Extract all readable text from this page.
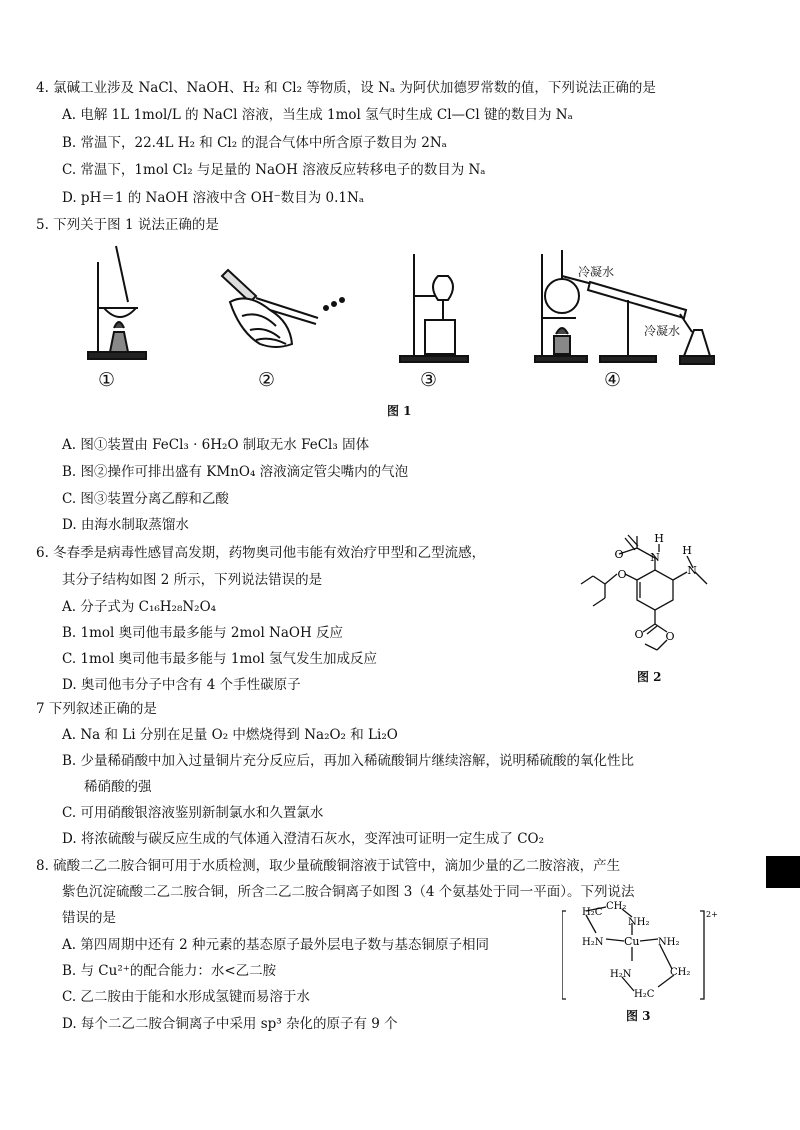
4. 氯碱工业涉及 NaCl、NaOH、H₂ 和 Cl₂ 等物质，设 Nₐ 为阿伏加德罗常数的值，下列说法正确的是
A. 电解 1L 1mol/L 的 NaCl 溶液，当生成 1mol 氢气时生成 Cl—Cl 键的数目为 Nₐ
B. 常温下，22.4L H₂ 和 Cl₂ 的混合气体中所含原子数目为 2Nₐ
C. 常温下，1mol Cl₂ 与足量的 NaOH 溶液反应转移电子的数目为 Nₐ
D. pH＝1 的 NaOH 溶液中含 OH⁻数目为 0.1Nₐ
5. 下列关于图 1 说法正确的是
①	②	③	④
冷凝水
冷凝水
图 1
A. 图①装置由 FeCl₃ · 6H₂O 制取无水 FeCl₃ 固体
B. 图②操作可排出盛有 KMnO₄ 溶液滴定管尖嘴内的气泡
C. 图③装置分离乙醇和乙酸
D. 由海水制取蒸馏水
6. 冬春季是病毒性感冒高发期，药物奥司他韦能有效治疗甲型和乙型流感，
其分子结构如图 2 所示，下列说法错误的是
A. 分子式为 C₁₆H₂₈N₂O₄
B. 1mol 奥司他韦最多能与 2mol NaOH 反应
C. 1mol 奥司他韦最多能与 1mol 氢气发生加成反应
D. 奥司他韦分子中含有 4 个手性碳原子
N
H
O
N
H
O
O O
图 2
7 下列叙述正确的是
A. Na 和 Li 分别在足量 O₂ 中燃烧得到 Na₂O₂ 和 Li₂O
B. 少量稀硝酸中加入过量铜片充分反应后，再加入稀硫酸铜片继续溶解，说明稀硫酸的氧化性比
稀硝酸的强
C. 可用硝酸银溶液鉴别新制氯水和久置氯水
D. 将浓硫酸与碳反应生成的气体通入澄清石灰水，变浑浊可证明一定生成了 CO₂
8. 硫酸二乙二胺合铜可用于水质检测，取少量硫酸铜溶液于试管中，滴加少量的乙二胺溶液，产生
紫色沉淀硫酸二乙二胺合铜，所含二乙二胺合铜离子如图 3（4 个氨基处于同一平面）。下列说法
错误的是
A. 第四周期中还有 2 种元素的基态原子最外层电子数与基态铜原子相同
B. 与 Cu²⁺的配合能力：水<乙二胺
C. 乙二胺由于能和水形成氢键而易溶于水
D. 每个二乙二胺合铜离子中采用 sp³ 杂化的原子有 9 个
H₂C
CH₂
NH₂
H₂N Cu NH₂
H₂N	CH₂
H₂C
2+
图 3
